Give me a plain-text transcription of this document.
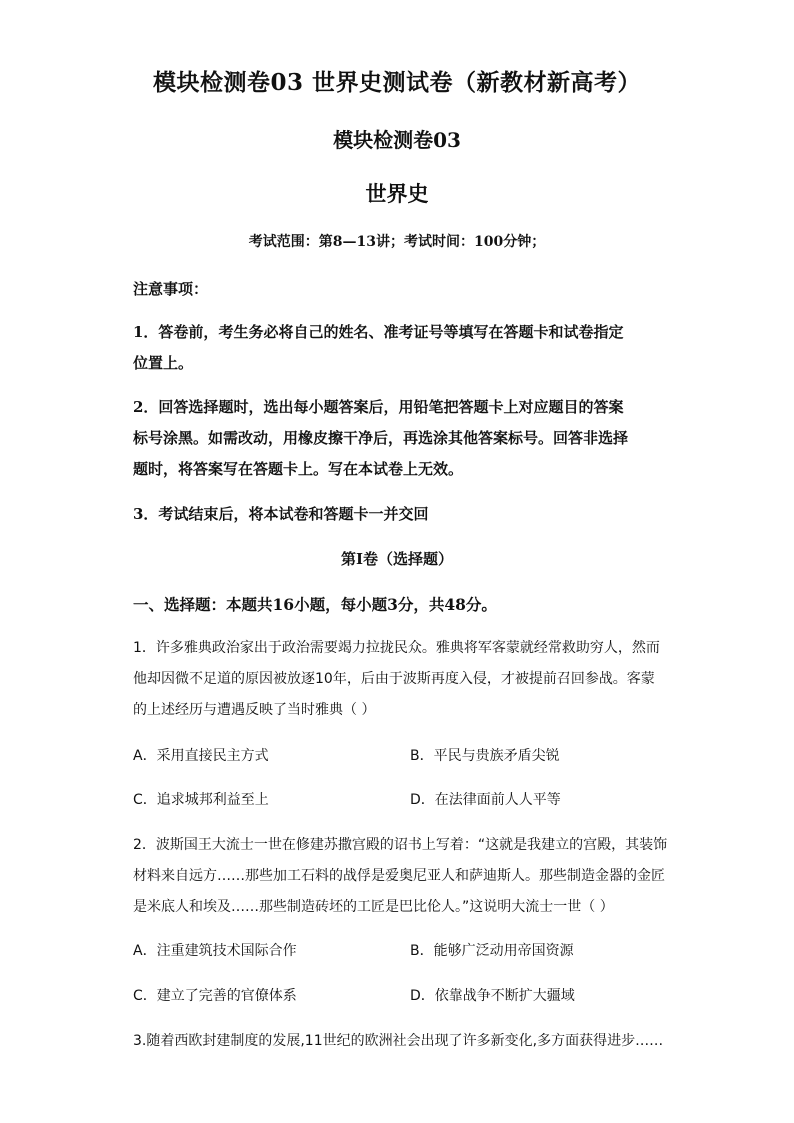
模块检测卷03 世界史测试卷（新教材新高考）
模块检测卷03
世界史
考试范围：第8—13讲；考试时间：100分钟；
注意事项：
1．答卷前，考生务必将自己的姓名、准考证号等填写在答题卡和试卷指定
位置上。
2．回答选择题时，选出每小题答案后，用铅笔把答题卡上对应题目的答案
标号涂黑。如需改动，用橡皮擦干净后，再选涂其他答案标号。回答非选择
题时，将答案写在答题卡上。写在本试卷上无效。
3．考试结束后，将本试卷和答题卡一并交回
第Ⅰ卷（选择题）
一、选择题：本题共16小题，每小题3分，共48分。
1．许多雅典政治家出于政治需要竭力拉拢民众。雅典将军客蒙就经常救助穷人，然而
他却因微不足道的原因被放逐10年，后由于波斯再度入侵，才被提前召回参战。客蒙
的上述经历与遭遇反映了当时雅典（ ）
A．采用直接民主方式	B．平民与贵族矛盾尖锐
C．追求城邦利益至上	D．在法律面前人人平等
2．波斯国王大流士一世在修建苏撒宫殿的诏书上写着：“这就是我建立的宫殿，其装饰
材料来自远方……那些加工石料的战俘是爱奥尼亚人和萨迪斯人。那些制造金器的金匠
是米底人和埃及……那些制造砖坯的工匠是巴比伦人。”这说明大流士一世（ ）
A．注重建筑技术国际合作	B．能够广泛动用帝国资源
C．建立了完善的官僚体系	D．依靠战争不断扩大疆域
3.随着西欧封建制度的发展,11世纪的欧洲社会出现了许多新变化,多方面获得进步……
